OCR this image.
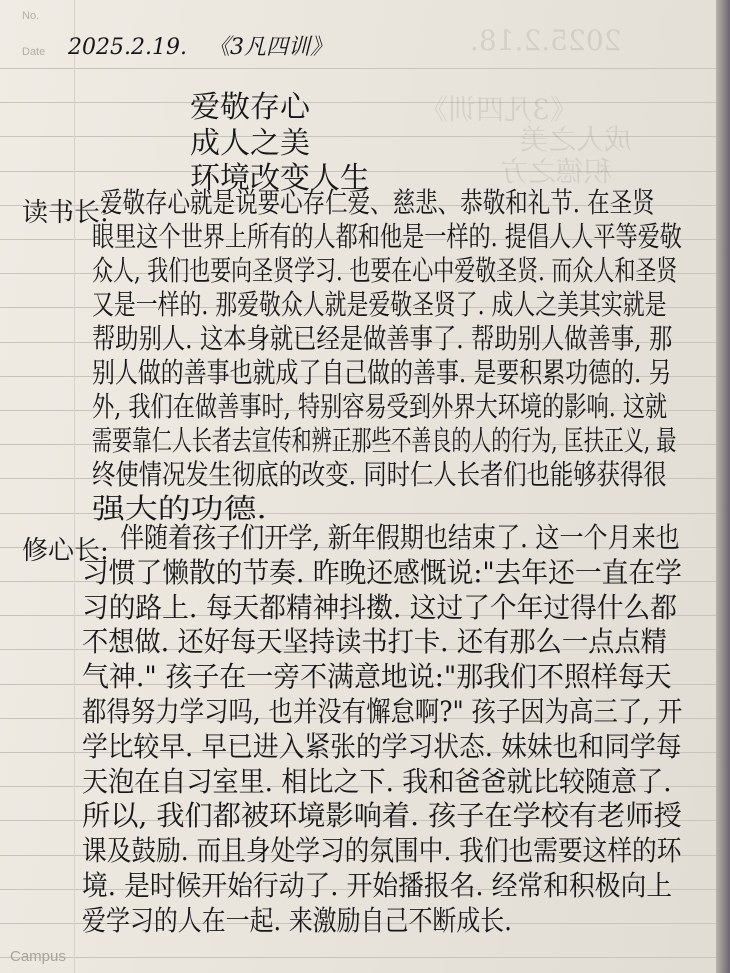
No.
Date	2025.2.18.
《3凡四训》
积德之方
成人之美
2025.2.19. 《3凡四训》
爱敬存心
成人之美
环境改变人生
读书长:
爱敬存心就是说要心存仁爱、慈悲、恭敬和礼节. 在圣贤
眼里这个世界上所有的人都和他是一样的. 提倡人人平等爱敬
众人, 我们也要向圣贤学习. 也要在心中爱敬圣贤. 而众人和圣贤
又是一样的. 那爱敬众人就是爱敬圣贤了. 成人之美其实就是
帮助别人. 这本身就已经是做善事了. 帮助别人做善事, 那
别人做的善事也就成了自己做的善事. 是要积累功德的. 另
外, 我们在做善事时, 特别容易受到外界大环境的影响. 这就
需要靠仁人长者去宣传和辨正那些不善良的人的行为, 匡扶正义, 最
终使情况发生彻底的改变. 同时仁人长者们也能够获得很
强大的功德.
修心长: 伴随着孩子们开学, 新年假期也结束了. 这一个月来也
习惯了懒散的节奏. 昨晚还感慨说:"去年还一直在学
习的路上. 每天都精神抖擞. 这过了个年过得什么都
不想做. 还好每天坚持读书打卡. 还有那么一点点精
气神." 孩子在一旁不满意地说:"那我们不照样每天
都得努力学习吗, 也并没有懈怠啊?" 孩子因为高三了, 开
学比较早. 早已进入紧张的学习状态. 妹妹也和同学每
天泡在自习室里. 相比之下. 我和爸爸就比较随意了.
所以, 我们都被环境影响着. 孩子在学校有老师授
课及鼓励. 而且身处学习的氛围中. 我们也需要这样的环
境. 是时候开始行动了. 开始播报名. 经常和积极向上
爱学习的人在一起. 来激励自己不断成长.
Campus
